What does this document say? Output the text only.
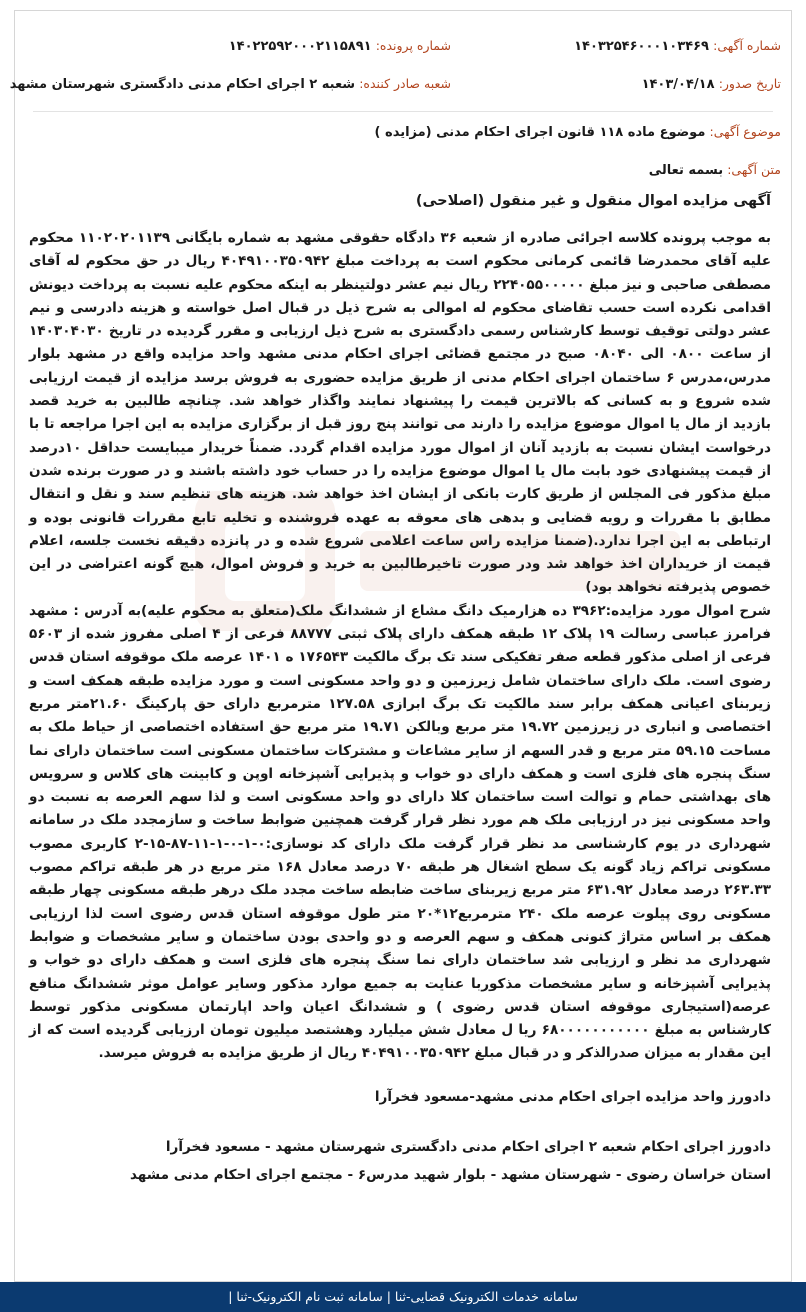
شماره آگهی: ۱۴۰۳۲۵۴۶۰۰۰۱۰۳۴۶۹
شماره پرونده: ۱۴۰۲۲۵۹۲۰۰۰۲۱۱۵۸۹۱
تاریخ صدور: ۱۴۰۳/۰۴/۱۸
شعبه صادر کننده: شعبه ۲ اجرای احکام مدنی دادگستری شهرستان مشهد
موضوع آگهی: موضوع ماده ۱۱۸ قانون اجرای احکام مدنی (مزایده )
متن آگهی: بسمه تعالی
آگهی مزایده اموال منقول و غیر منقول (اصلاحی)

به موجب پرونده کلاسه اجرائی صادره از شعبه ۳۶ دادگاه حقوقی مشهد به شماره بایگانی ۱۱۰۲۰۲۰۱۱۳۹ محکوم علیه آقای محمدرضا قائمی کرمانی محکوم است به پرداخت مبلغ ۴۰۴۹۱۰۰۳۵۰۹۴۲ ریال در حق محکوم له آقای مصطفی صاحبی و نیز مبلغ ۲۲۴۰۵۵۰۰۰۰۰ ریال نیم عشر دولتینظر به اینکه محکوم علیه نسبت به پرداخت دیونش اقدامی نکرده است حسب تقاضای محکوم له اموالی به شرح ذیل در قبال اصل خواسته و هزینه دادرسی و نیم عشر دولتی توقیف توسط کارشناس رسمی دادگستری به شرح ذیل ارزیابی و مقرر گردیده در تاریخ ۱۴۰۳۰۴۰۳۰ از ساعت ۰۸۰۰ الی ۰۸۰۴۰ صبح در مجتمع قضائی اجرای احکام مدنی مشهد واحد مزایده واقع در مشهد بلوار مدرس،مدرس ۶ ساختمان اجرای احکام مدنی از طریق مزایده حضوری به فروش برسد مزایده از قیمت ارزیابی شده شروع و به کسانی که بالاترین قیمت را پیشنهاد نمایند واگذار خواهد شد. چنانچه طالبین به خرید قصد بازدید از مال یا اموال موضوع مزایده را دارند می توانند پنج روز قبل از برگزاری مزایده به این اجرا مراجعه تا با درخواست ایشان نسبت به بازدید آنان از اموال مورد مزایده اقدام گردد. ضمناً خریدار میبایست حداقل ۱۰درصد از قیمت پیشنهادی خود بابت مال یا اموال موضوع مزایده را در حساب خود داشته باشند و در صورت برنده شدن مبلغ مذکور فی المجلس از طریق کارت بانکی از ایشان اخذ خواهد شد. هزینه های تنظیم سند و نقل و انتقال مطابق با مقررات و رویه قضایی و بدهی های معوقه به عهده فروشنده و تخلیه تابع مقررات قانونی بوده و ارتباطی به این اجرا ندارد.(ضمنا مزایده راس ساعت اعلامی شروع شده و در پانزده دقیقه نخست جلسه، اعلام قیمت از خریداران اخذ خواهد شد ودر صورت تاخیرطالبین به خرید و فروش اموال، هیچ گونه اعتراضی در این خصوص پذیرفته نخواهد بود)

شرح اموال مورد مزایده:۳۹۶۲ ده هزارمیک دانگ مشاع از ششدانگ ملک(متعلق به محکوم علیه)به آدرس : مشهد فرامرز عباسی رسالت ۱۹ پلاک ۱۲ طبقه همکف دارای پلاک ثبتی ۸۸۷۷۷ فرعی از ۴ اصلی مفروز شده از ۵۶۰۳ فرعی از اصلی مذکور قطعه صفر تفکیکی سند تک برگ مالکیت ۱۷۶۵۴۳ ه ۱۴۰۱ عرصه ملک موقوفه استان قدس رضوی است. ملک دارای ساختمان شامل زیرزمین و دو واحد مسکونی است و مورد مزایده طبقه همکف است و زیربنای اعیانی همکف برابر سند مالکیت تک برگ ابرازی ۱۲۷.۵۸ مترمربع دارای حق پارکینگ ۲۱.۶۰متر مربع اختصاصی و انباری در زیرزمین ۱۹.۷۲ متر مربع وبالکن ۱۹.۷۱ متر مربع حق استفاده اختصاصی از حیاط ملک به مساحت ۵۹.۱۵ متر مربع و قدر السهم از سایر مشاعات و مشترکات ساختمان مسکونی است ساختمان دارای نما سنگ پنجره های فلزی است و همکف دارای دو خواب و پذیرایی آشپزخانه اوپن و کابینت های کلاس و سرویس های بهداشتی حمام و توالت است ساختمان کلا دارای دو واحد مسکونی است و لذا سهم العرصه به نسبت دو واحد مسکونی نیز در ارزیابی ملک هم مورد نظر قرار گرفت همچنین ضوابط ساخت و سازمجدد ملک در سامانه شهرداری در یوم کارشناسی مد نظر قرار گرفت ملک دارای کد نوسازی:۰-۱-۰-۱-۱۱-۸۷-۱۵-۲ کاربری مصوب مسکونی تراکم زیاد گونه یک سطح اشغال هر طبقه ۷۰ درصد معادل ۱۶۸ متر مربع در هر طبقه تراکم مصوب ۲۶۳.۳۳ درصد معادل ۶۳۱.۹۲ متر مربع زیربنای ساخت ضابطه ساخت مجدد ملک درهر طبقه مسکونی چهار طبقه مسکونی روی پیلوت عرصه ملک ۲۴۰ مترمربع۱۲*۲۰ متر طول موقوفه استان قدس رضوی است لذا ارزیابی همکف بر اساس متراژ کنونی همکف و سهم العرصه و دو واحدی بودن ساختمان و سایر مشخصات و ضوابط شهرداری مد نظر و ارزیابی شد ساختمان دارای نما سنگ پنجره های فلزی است و همکف دارای دو خواب و پذیرایی آشپزخانه و سایر مشخصات مذکوربا عنایت به جمیع موارد مذکور وسایر عوامل موثر ششدانگ منافع عرصه(استیجاری موقوفه استان قدس رضوی ) و ششدانگ اعیان واحد اپارتمان مسکونی مذکور توسط کارشناس به مبلغ ۶۸۰۰۰۰۰۰۰۰۰۰۰ ریا ل معادل شش میلیارد وهشتصد میلیون تومان ارزیابی گردیده است که از این مقدار به میزان صدرالذکر و در قبال مبلغ ۴۰۴۹۱۰۰۳۵۰۹۴۲ ریال از طریق مزایده به فروش میرسد.

دادورز واحد مزایده اجرای احکام مدنی مشهد-مسعود فخرآرا
دادورز اجرای احکام شعبه ۲ اجرای احکام مدنی دادگستری شهرستان مشهد - مسعود فخرآرا
استان خراسان رضوی - شهرستان مشهد - بلوار شهید مدرس۶ - مجتمع اجرای احکام مدنی مشهد
سامانه خدمات الکترونیک قضایی-ثنا | سامانه ثبت نام الکترونیک-ثنا |
